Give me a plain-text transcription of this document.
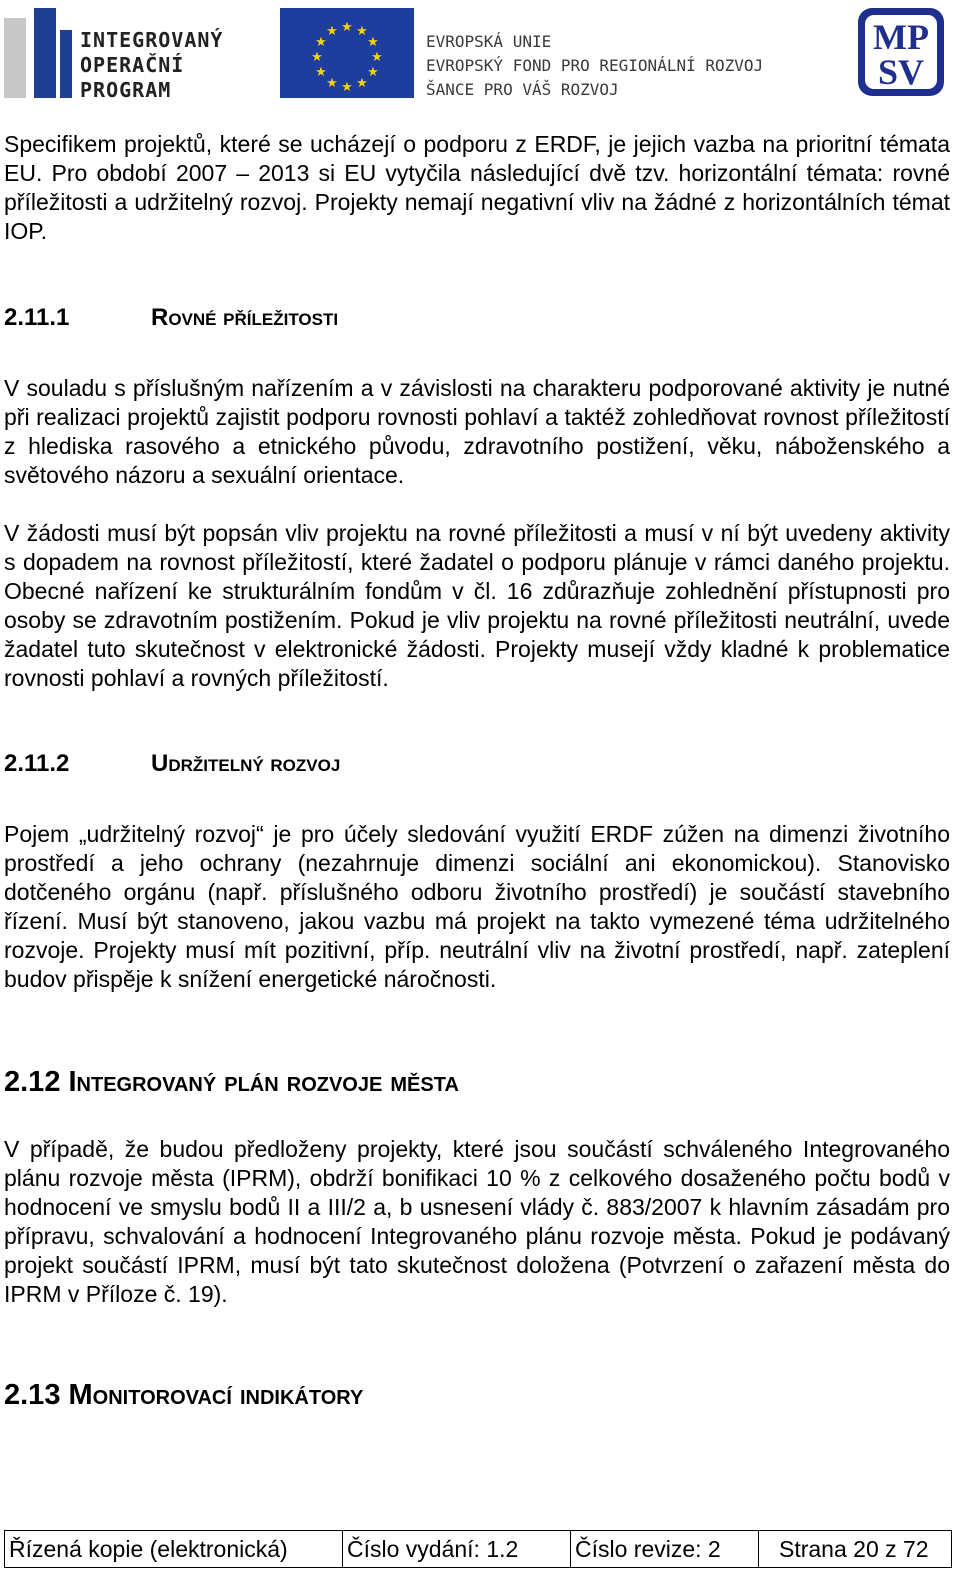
INTEGROVANÝ
OPERAČNÍ
PROGRAM
★ ★
★
★
★
★
★
★
★
★
★
★
EVROPSKÁ UNIE
EVROPSKÝ FOND PRO REGIONÁLNÍ ROZVOJ
ŠANCE PRO VÁŠ ROZVOJ
MP
SV

Specifikem projektů, které se ucházejí o podporu z ERDF, je jejich vazba na prioritní témata EU. Pro období 2007 – 2013 si EU vytyčila následující dvě tzv. horizontální témata: rovné příležitosti a udržitelný rozvoj. Projekty nemají negativní vliv na žádné z horizontálních témat IOP.

2.11.1	Rovné příležitosti

V souladu s příslušným nařízením a v závislosti na charakteru podporované aktivity je nutné při realizaci projektů zajistit podporu rovnosti pohlaví a taktéž zohledňovat rovnost příležitostí z hlediska rasového a etnického původu, zdravotního postižení, věku, náboženského a světového názoru a sexuální orientace.

V žádosti musí být popsán vliv projektu na rovné příležitosti a musí v ní být uvedeny aktivity s dopadem na rovnost příležitostí, které žadatel o podporu plánuje v rámci daného projektu. Obecné nařízení ke strukturálním fondům v čl. 16 zdůrazňuje zohlednění přístupnosti pro osoby se zdravotním postižením. Pokud je vliv projektu na rovné příležitosti neutrální, uvede žadatel tuto skutečnost v elektronické žádosti. Projekty musejí vždy kladné k problematice rovnosti pohlaví a rovných příležitostí.

2.11.2	Udržitelný rozvoj

Pojem „udržitelný rozvoj“ je pro účely sledování využití ERDF zúžen na dimenzi životního prostředí a jeho ochrany (nezahrnuje dimenzi sociální ani ekonomickou). Stanovisko dotčeného orgánu (např. příslušného odboru životního prostředí) je součástí stavebního řízení. Musí být stanoveno, jakou vazbu má projekt na takto vymezené téma udržitelného rozvoje. Projekty musí mít pozitivní, příp. neutrální vliv na životní prostředí, např. zateplení budov přispěje k snížení energetické náročnosti.

2.12 Integrovaný plán rozvoje města

V případě, že budou předloženy projekty, které jsou součástí schváleného Integrovaného plánu rozvoje města (IPRM), obdrží bonifikaci 10 % z celkového dosaženého počtu bodů v hodnocení ve smyslu bodů II a III/2 a, b usnesení vlády č. 883/2007 k hlavním zásadám pro přípravu, schvalování a hodnocení Integrovaného plánu rozvoje města. Pokud je podávaný projekt součástí IPRM, musí být tato skutečnost doložena (Potvrzení o zařazení města do IPRM v Příloze č. 19).

2.13 Monitorovací indikátory
Řízená kopie (elektronická)	Číslo vydání: 1.2	Číslo revize: 2	Strana 20 z 72
